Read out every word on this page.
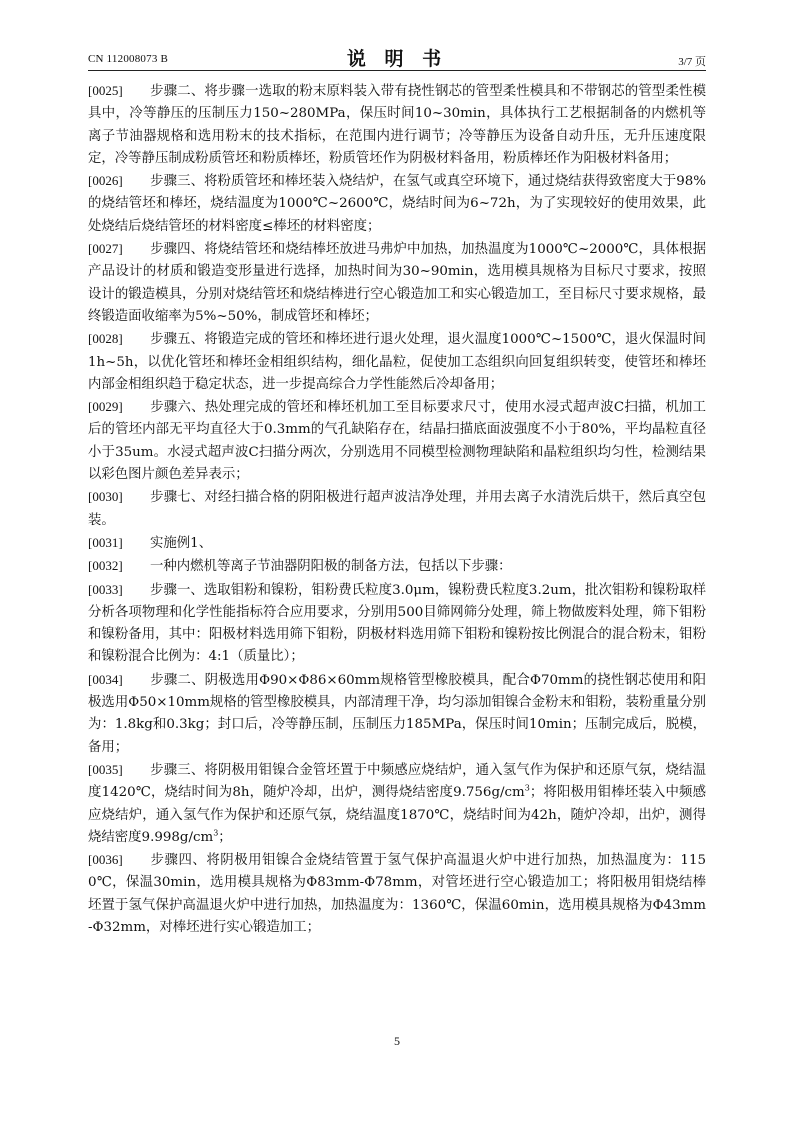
CN 112008073 B	说 明 书	3/7 页

[0025] 步骤二、将步骤一选取的粉末原料装入带有挠性钢芯的管型柔性模具和不带钢芯的管型柔性模具中，冷等静压的压制压力150~280MPa，保压时间10~30min，具体执行工艺根据制备的内燃机等离子节油器规格和选用粉末的技术指标，在范围内进行调节；冷等静压为设备自动升压，无升压速度限定，冷等静压制成粉质管坯和粉质棒坯，粉质管坯作为阴极材料备用，粉质棒坯作为阳极材料备用；

[0026] 步骤三、将粉质管坯和棒坯装入烧结炉，在氢气或真空环境下，通过烧结获得致密度大于98%的烧结管坯和棒坯，烧结温度为1000℃~2600℃，烧结时间为6~72h，为了实现较好的使用效果，此处烧结后烧结管坯的材料密度≤棒坯的材料密度；

[0027] 步骤四、将烧结管坯和烧结棒坯放进马弗炉中加热，加热温度为1000℃~2000℃，具体根据产品设计的材质和锻造变形量进行选择，加热时间为30~90min，选用模具规格为目标尺寸要求，按照设计的锻造模具，分别对烧结管坯和烧结棒进行空心锻造加工和实心锻造加工，至目标尺寸要求规格，最终锻造面收缩率为5%~50%，制成管坯和棒坯；

[0028] 步骤五、将锻造完成的管坯和棒坯进行退火处理，退火温度1000℃~1500℃，退火保温时间1h~5h，以优化管坯和棒坯金相组织结构，细化晶粒，促使加工态组织向回复组织转变，使管坯和棒坯内部金相组织趋于稳定状态，进一步提高综合力学性能然后冷却备用；

[0029] 步骤六、热处理完成的管坯和棒坯机加工至目标要求尺寸，使用水浸式超声波C扫描，机加工后的管坯内部无平均直径大于0.3mm的气孔缺陷存在，结晶扫描底面波强度不小于80%，平均晶粒直径小于35um。水浸式超声波C扫描分两次，分别选用不同模型检测物理缺陷和晶粒组织均匀性，检测结果以彩色图片颜色差异表示；

[0030] 步骤七、对经扫描合格的阴阳极进行超声波洁净处理，并用去离子水清洗后烘干，然后真空包装。

[0031] 实施例1、

[0032] 一种内燃机等离子节油器阴阳极的制备方法，包括以下步骤：

[0033] 步骤一、选取钼粉和镍粉，钼粉费氏粒度3.0μm，镍粉费氏粒度3.2um，批次钼粉和镍粉取样分析各项物理和化学性能指标符合应用要求，分别用500目筛网筛分处理，筛上物做废料处理，筛下钼粉和镍粉备用，其中：阳极材料选用筛下钼粉，阴极材料选用筛下钼粉和镍粉按比例混合的混合粉末，钼粉和镍粉混合比例为：4:1（质量比）；

[0034] 步骤二、阴极选用Φ90×Φ86×60mm规格管型橡胶模具，配合Φ70mm的挠性钢芯使用和阳极选用Φ50×10mm规格的管型橡胶模具，内部清理干净，均匀添加钼镍合金粉末和钼粉，装粉重量分别为：1.8kg和0.3kg；封口后，冷等静压制，压制压力185MPa，保压时间10min；压制完成后，脱模，备用；

[0035] 步骤三、将阴极用钼镍合金管坯置于中频感应烧结炉，通入氢气作为保护和还原气氛，烧结温度1420℃，烧结时间为8h，随炉冷却，出炉，测得烧结密度$9.756g/cm^3$；将阳极用钼棒坯装入中频感应烧结炉，通入氢气作为保护和还原气氛，烧结温度1870℃，烧结时间为42h，随炉冷却，出炉，测得烧结密度$9.998g/cm^3$；

[0036] 步骤四、将阴极用钼镍合金烧结管置于氢气保护高温退火炉中进行加热，加热温度为：1150℃，保温30min，选用模具规格为Φ83mm-Φ78mm，对管坯进行空心锻造加工；将阳极用钼烧结棒坯置于氢气保护高温退火炉中进行加热，加热温度为：1360℃，保温60min，选用模具规格为Φ43mm-Φ32mm，对棒坯进行实心锻造加工；

5
